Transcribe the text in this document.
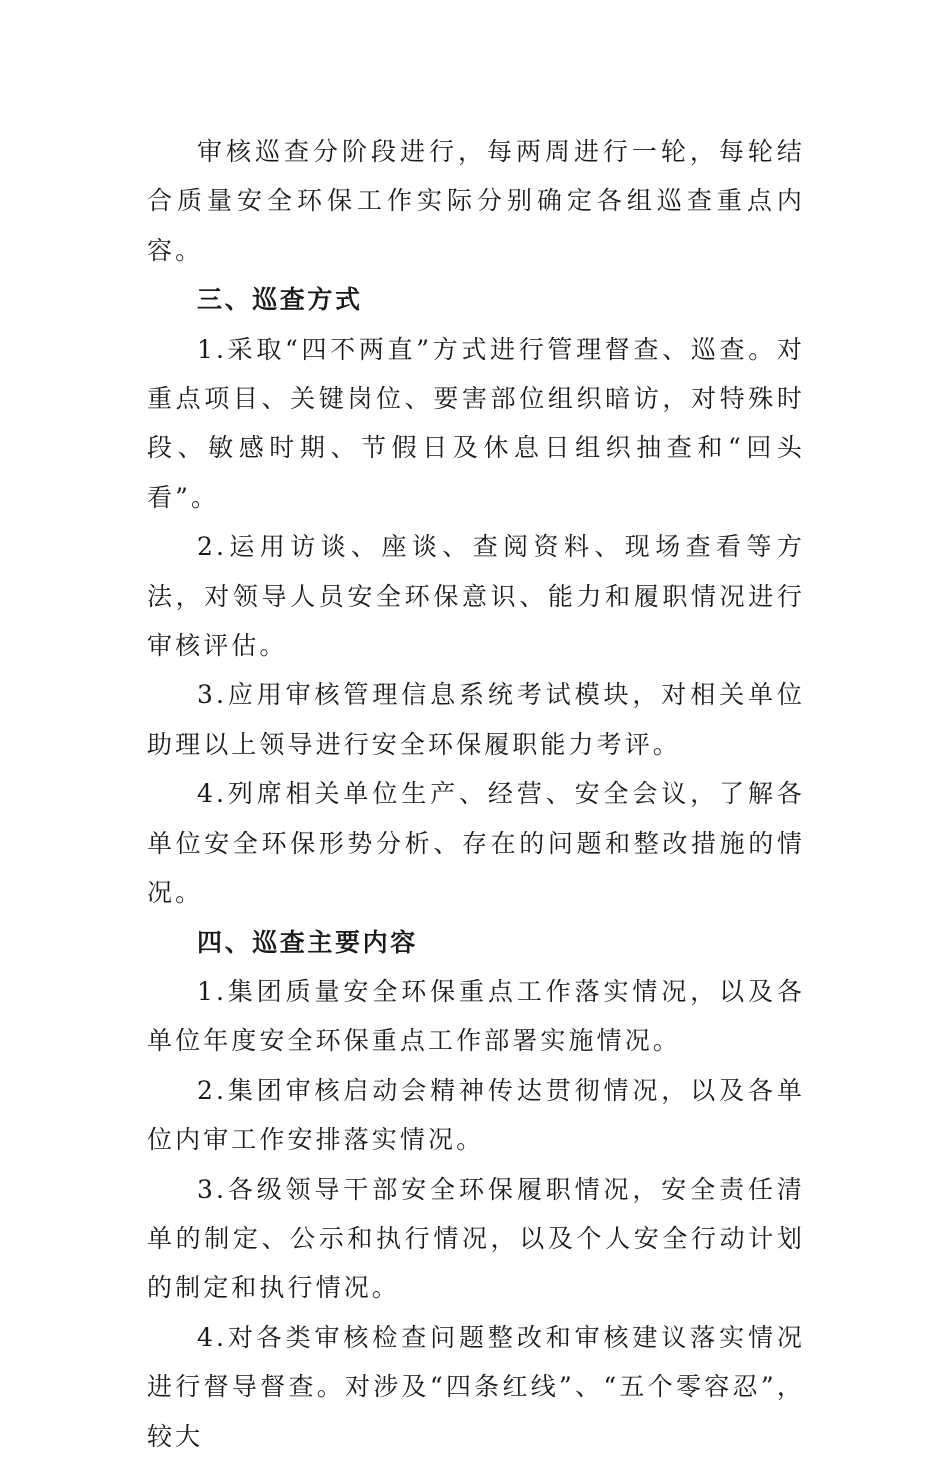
审核巡查分阶段进行，每两周进行一轮，每轮结合质量安全环保工作实际分别确定各组巡查重点内容。

三、巡查方式

1.采取“四不两直”方式进行管理督查、巡查。对重点项目、关键岗位、要害部位组织暗访，对特殊时段、敏感时期、节假日及休息日组织抽查和“回头看”。

2.运用访谈、座谈、查阅资料、现场查看等方法，对领导人员安全环保意识、能力和履职情况进行审核评估。

3.应用审核管理信息系统考试模块，对相关单位助理以上领导进行安全环保履职能力考评。

4.列席相关单位生产、经营、安全会议，了解各单位安全环保形势分析、存在的问题和整改措施的情况。

四、巡查主要内容

1.集团质量安全环保重点工作落实情况，以及各单位年度安全环保重点工作部署实施情况。

2.集团审核启动会精神传达贯彻情况，以及各单位内审工作安排落实情况。

3.各级领导干部安全环保履职情况，安全责任清单的制定、公示和执行情况，以及个人安全行动计划的制定和执行情况。

4.对各类审核检查问题整改和审核建议落实情况进行督导督查。对涉及“四条红线”、“五个零容忍”，较大
